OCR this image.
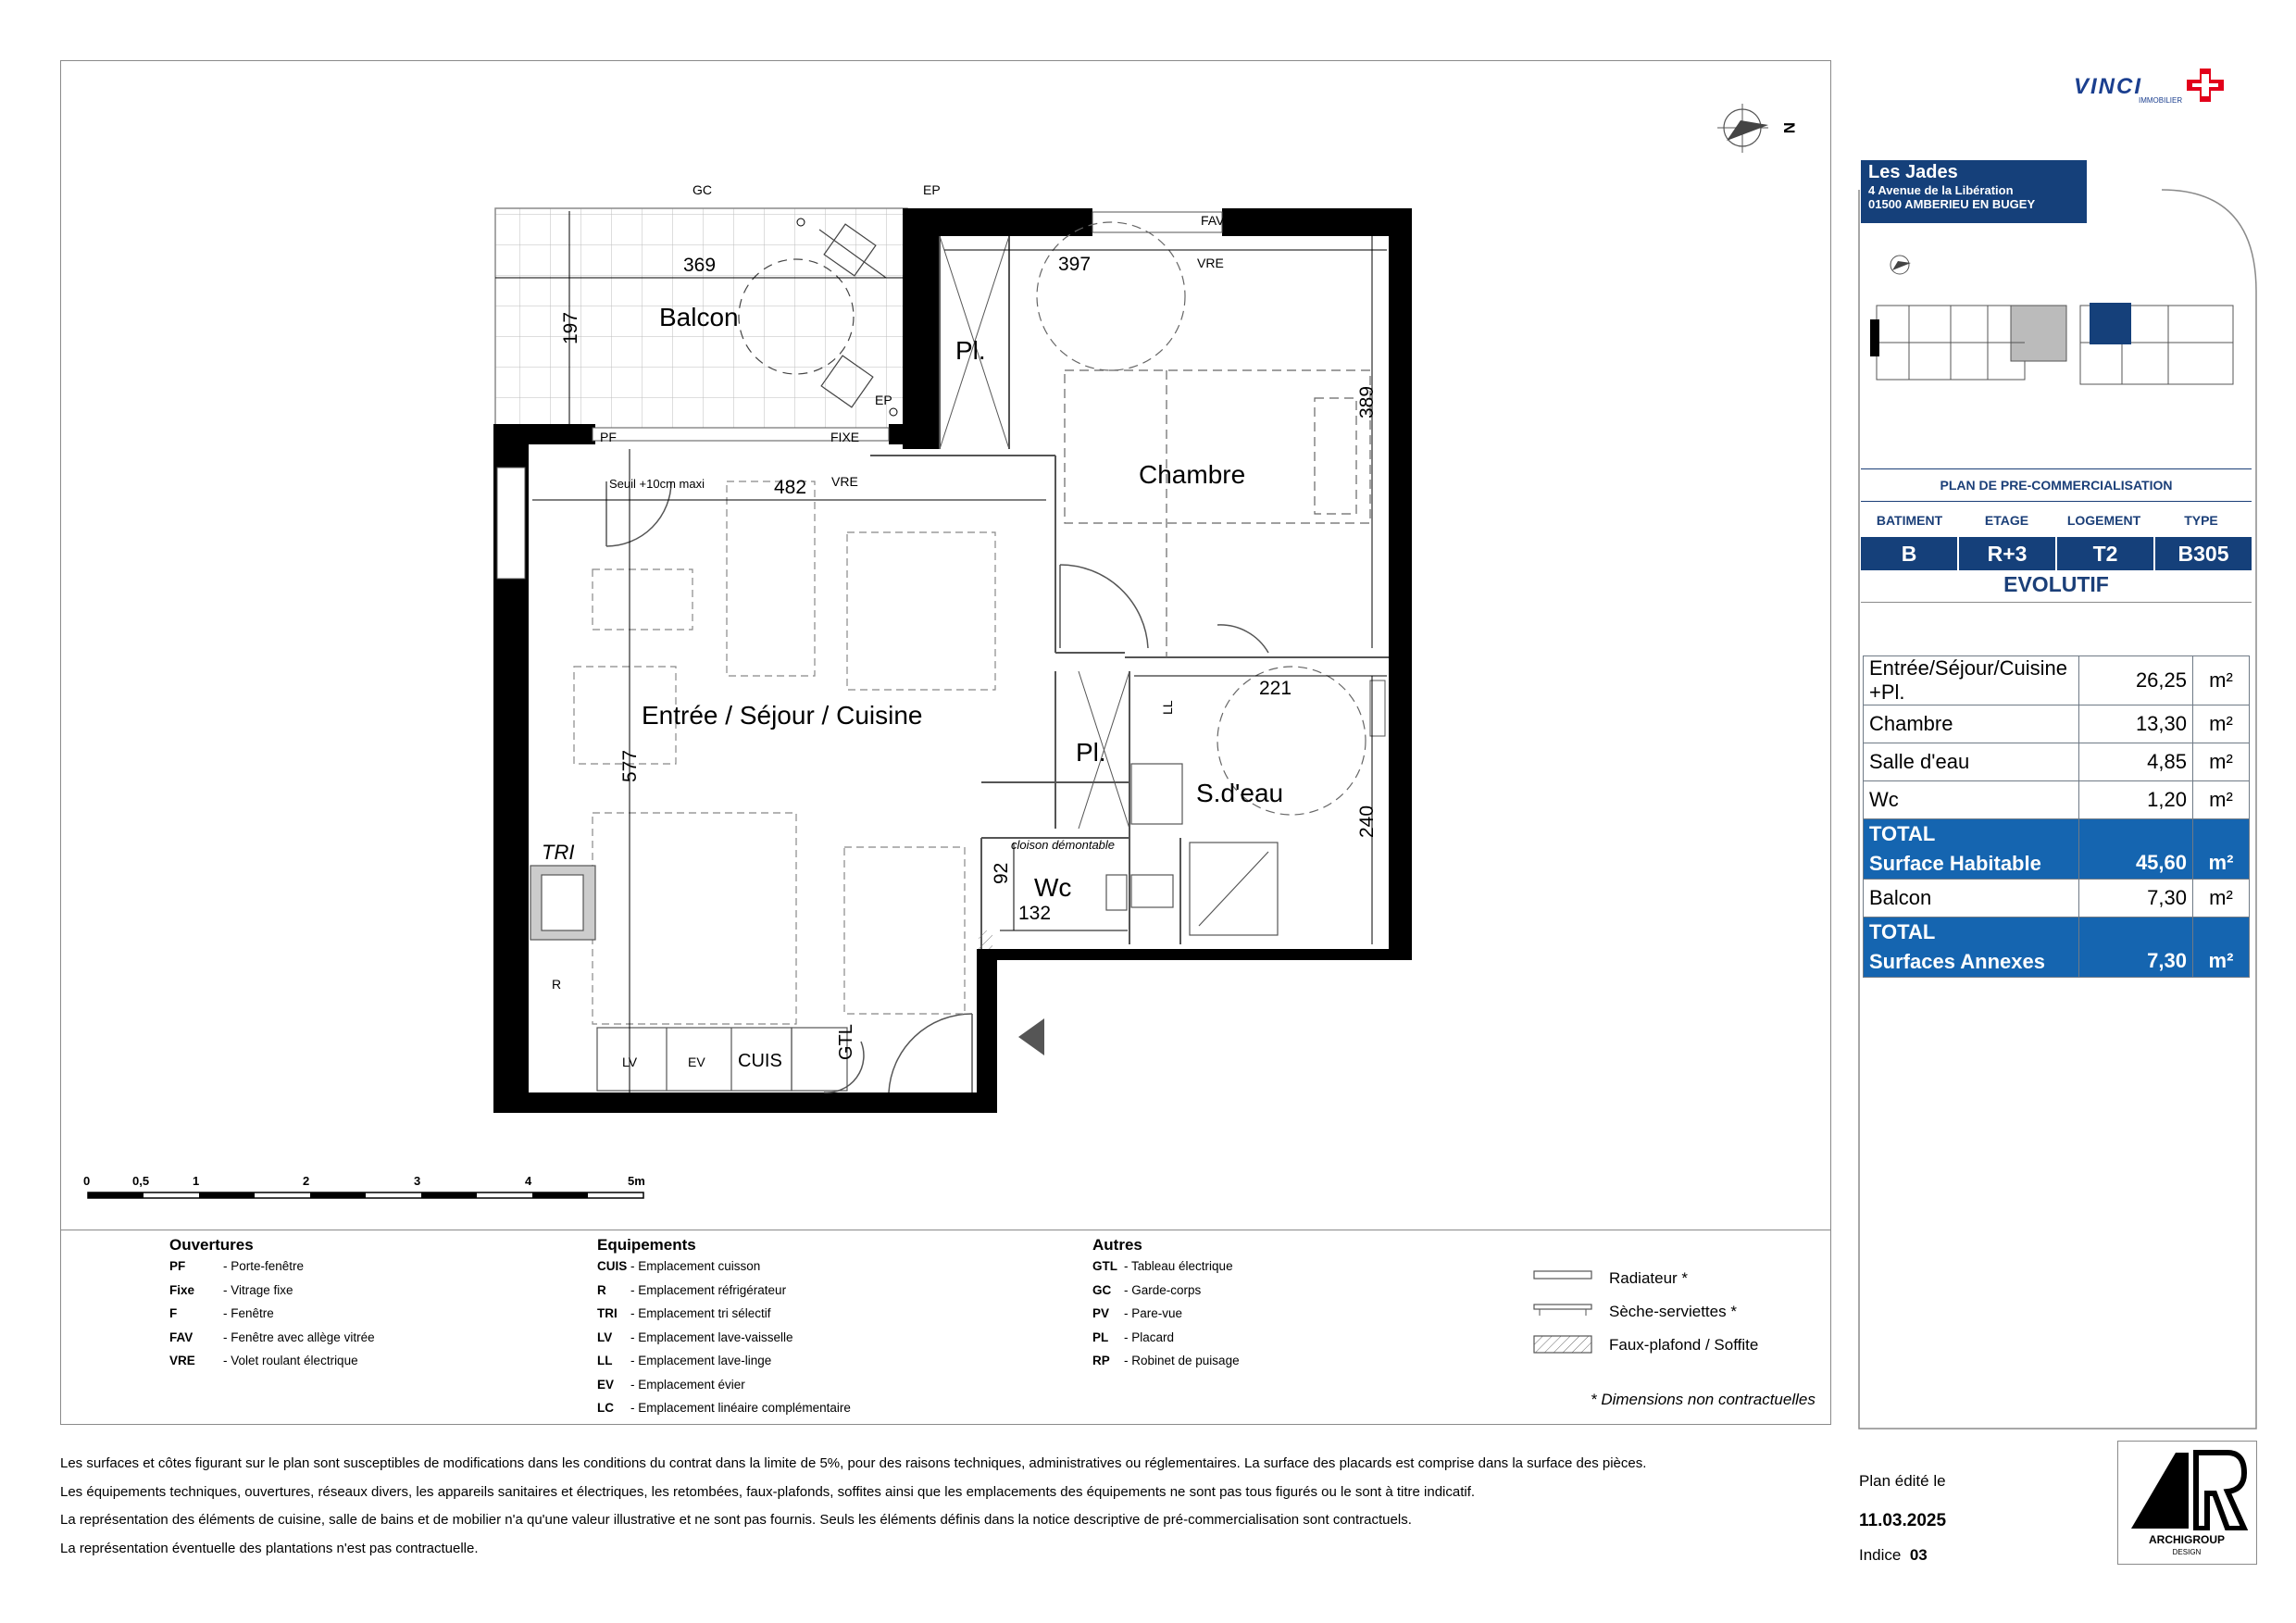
N
369
197
397
389
482
577
221
240
132
92
Balcon
Chambre
Entrée / Séjour / Cuisine
S.d'eau
Wc
Pl.
Pl.
GC	EP
EP
FAV
VRE
VRE
PF	FIXE
Seuil +10cm maxi
TRI
R
LV	EV CUIS
GTL
LL
cloison démontable
0	0,5	1	2	3	4	5m
Ouvertures
PF	- Porte-fenêtre
Fixe - Vitrage fixe
F	- Fenêtre
FAV - Fenêtre avec allège vitrée
VRE - Volet roulant électrique
Equipements
CUIS - Emplacement cuisson
R - Emplacement réfrigérateur
TRI - Emplacement tri sélectif
LV - Emplacement lave-vaisselle
LL - Emplacement lave-linge
EV - Emplacement évier
LC - Emplacement linéaire complémentaire
Autres
GTL - Tableau électrique
GC - Garde-corps
PV - Pare-vue
PL - Placard
RP - Robinet de puisage
Radiateur *
Sèche-serviettes *
Faux-plafond / Soffite
* Dimensions non contractuelles
Les surfaces et côtes figurant sur le plan sont susceptibles de modifications dans les conditions du contrat dans la limite de 5%, pour des raisons techniques, administratives ou réglementaires. La surface des placards est comprise dans la surface des pièces.
Les équipements techniques, ouvertures, réseaux divers, les appareils sanitaires et électriques, les retombées, faux-plafonds, soffites ainsi que les emplacements des équipements ne sont pas tous figurés ou le sont à titre indicatif.
La représentation des éléments de cuisine, salle de bains et de mobilier n'a qu'une valeur illustrative et ne sont pas fournis. Seuls les éléments définis dans la notice descriptive de pré-commercialisation sont contractuels.
La représentation éventuelle des plantations n'est pas contractuelle.
Plan édité le
11.03.2025
Indice 03
ARCHIGROUP
DESIGN
VINCI
IMMOBILIER
Les Jades
4 Avenue de la Libération
01500 AMBERIEU EN BUGEY
PLAN DE PRE-COMMERCIALISATION
BATIMENT	ETAGE	LOGEMENT	TYPE
B	R+3	T2	B305
EVOLUTIF
Entrée/Séjour/Cuisine +Pl.	26,25	m²
Chambre	13,30	m²
Salle d'eau	4,85	m²
Wc	1,20	m²

TOTAL
Surface Habitable	45,60	m²
Balcon	7,30	m²

TOTAL
Surfaces Annexes	7,30	m²
